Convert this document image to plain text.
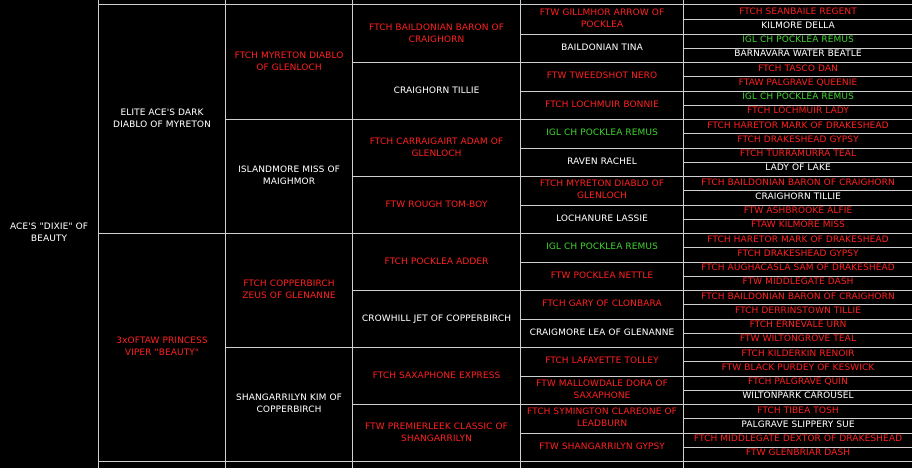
ACE'S "DIXIE" OF BEAUTY
ELITE ACE'S DARK DIABLO OF MYRETON
3xOFTAW PRINCESS VIPER "BEAUTY"
FTCH MYRETON DIABLO OF GLENLOCH
ISLANDMORE MISS OF MAIGHMOR
FTCH COPPERBIRCH ZEUS OF GLENANNE
SHANGARRILYN KIM OF COPPERBIRCH
FTCH BAILDONIAN BARON OF CRAIGHORN
CRAIGHORN TILLIE
FTCH CARRAIGAIRT ADAM OF GLENLOCH
FTW ROUGH TOM-BOY
FTCH POCKLEA ADDER
CROWHILL JET OF COPPERBIRCH
FTCH SAXAPHONE EXPRESS
FTW PREMIERLEEK CLASSIC OF SHANGARRILYN
FTW GILLMHOR ARROW OF POCKLEA
BAILDONIAN TINA
FTW TWEEDSHOT NERO
FTCH LOCHMUIR BONNIE
IGL CH POCKLEA REMUS
RAVEN RACHEL
FTCH MYRETON DIABLO OF GLENLOCH
LOCHANURE LASSIE
IGL CH POCKLEA REMUS
FTW POCKLEA NETTLE
FTCH GARY OF CLONBARA
CRAIGMORE LEA OF GLENANNE
FTCH LAFAYETTE TOLLEY
FTW MALLOWDALE DORA OF SAXAPHONE
FTCH SYMINGTON CLAREONE OF LEADBURN
FTW SHANGARRILYN GYPSY
FTCH SEANBAILE REGENT
KILMORE DELLA
IGL CH POCKLEA REMUS
BARNAVARA WATER BEATLE
FTCH TASCO DAN
FTAW PALGRAVE QUEENIE
IGL CH POCKLEA REMUS
FTCH LOCHMUIR LADY
FTCH HARETOR MARK OF DRAKESHEAD
FTCH DRAKESHEAD GYPSY
FTCH TURRAMURRA TEAL
LADY OF LAKE
FTCH BAILDONIAN BARON OF CRAIGHORN
CRAIGHORN TILLIE
FTW ASHBROOKE ALFIE
FTAW KILMORE MISS
FTCH HARETOR MARK OF DRAKESHEAD
FTCH DRAKESHEAD GYPSY
FTCH AUGHACASLA SAM OF DRAKESHEAD
FTW MIDDLEGATE DASH
FTCH BAILDONIAN BARON OF CRAIGHORN
FTCH DERRINSTOWN TILLIE
FTCH ERNEVALE URN
FTW WILTONGROVE TEAL
FTCH KILDERKIN RENOIR
FTW BLACK PURDEY OF KESWICK
FTCH PALGRAVE QUIN
WILTONPARK CAROUSEL
FTCH TIBEA TOSH
PALGRAVE SLIPPERY SUE
FTCH MIDDLEGATE DEXTOR OF DRAKESHEAD
FTW GLENBRIAR DASH
